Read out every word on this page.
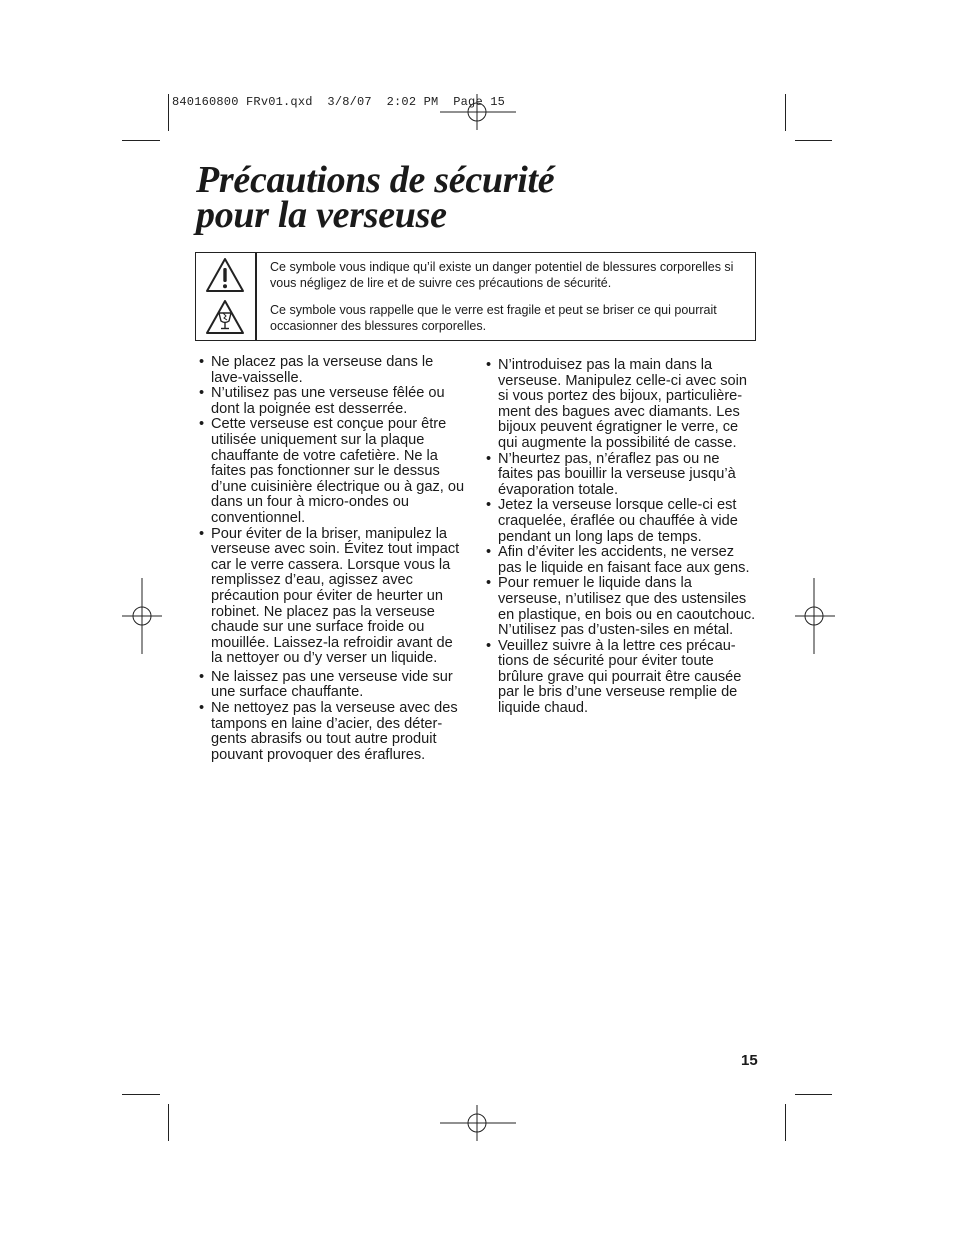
840160800 FRv01.qxd  3/8/07  2:02 PM  Page 15
Précautions de sécurité
pour la verseuse
Ce symbole vous indique qu’il existe un danger potentiel de blessures corporelles si vous négligez de lire et de suivre ces précautions de sécurité.
Ce symbole vous rappelle que le verre est fragile et peut se briser ce qui pourrait occasionner des blessures corporelles.
• Ne placez pas la verseuse dans le lave-vaisselle.
• N’utilisez pas une verseuse fêlée ou dont la poignée est desserrée.
• Cette verseuse est conçue pour être utilisée uniquement sur la plaque chauffante de votre cafetière. Ne la faites pas fonctionner sur le dessus d’une cuisinière électrique ou à gaz, ou dans un four à micro-ondes ou conventionnel.
• Pour éviter de la briser, manipulez la verseuse avec soin. Évitez tout impact car le verre cassera. Lorsque vous la remplissez d’eau, agissez avec précaution pour éviter de heurter un robinet. Ne placez pas la verseuse chaude sur une surface froide ou mouillée. Laissez-la refroidir avant de la nettoyer ou d’y verser un liquide.
• Ne laissez pas une verseuse vide sur une surface chauffante.
• Ne nettoyez pas la verseuse avec des tampons en laine d’acier, des déter-gents abrasifs ou tout autre produit pouvant provoquer des éraflures.
• N’introduisez pas la main dans la verseuse. Manipulez celle-ci avec soin si vous portez des bijoux, particulière-ment des bagues avec diamants. Les bijoux peuvent égratigner le verre, ce qui augmente la possibilité de casse.
• N’heurtez pas, n’éraflez pas ou ne faites pas bouillir la verseuse jusqu’à évaporation totale.
• Jetez la verseuse lorsque celle-ci est craquelée, éraflée ou chauffée à vide pendant un long laps de temps.
• Afin d’éviter les accidents, ne versez pas le liquide en faisant face aux gens.
• Pour remuer le liquide dans la verseuse, n’utilisez que des ustensiles en plastique, en bois ou en caoutchouc. N’utilisez pas d’usten-siles en métal.
• Veuillez suivre à la lettre ces précau-tions de sécurité pour éviter toute brûlure grave qui pourrait être causée par le bris d’une verseuse remplie de liquide chaud.
15
